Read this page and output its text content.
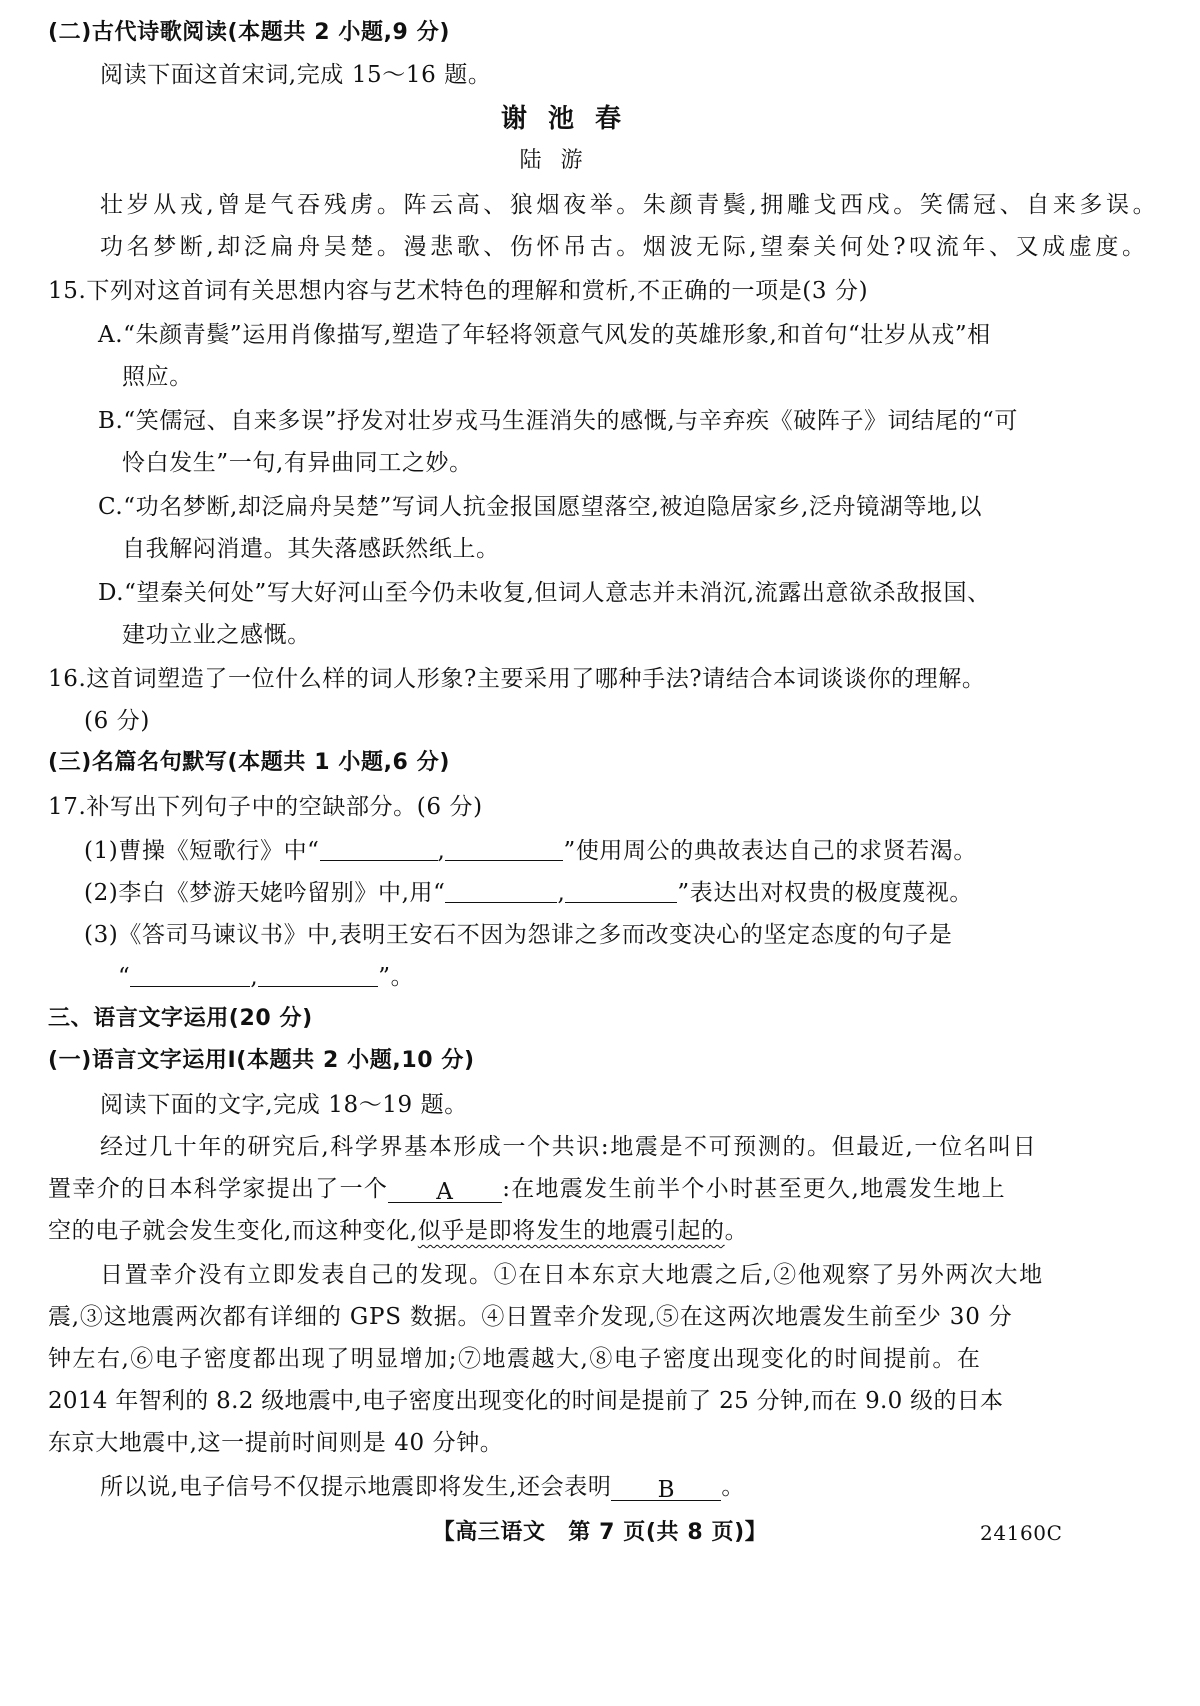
(二)古代诗歌阅读(本题共 2 小题,9 分)
阅读下面这首宋词,完成 15～16 题。
谢 池 春
陆 游
壮岁从戎,曾是气吞残虏。阵云高、狼烟夜举。朱颜青鬓,拥雕戈西戍。笑儒冠、自来多误。
功名梦断,却泛扁舟吴楚。漫悲歌、伤怀吊古。烟波无际,望秦关何处?叹流年、又成虚度。
15.下列对这首词有关思想内容与艺术特色的理解和赏析,不正确的一项是(3 分)
A.“朱颜青鬓”运用肖像描写,塑造了年轻将领意气风发的英雄形象,和首句“壮岁从戎”相
照应。
B.“笑儒冠、自来多误”抒发对壮岁戎马生涯消失的感慨,与辛弃疾《破阵子》词结尾的“可
怜白发生”一句,有异曲同工之妙。
C.“功名梦断,却泛扁舟吴楚”写词人抗金报国愿望落空,被迫隐居家乡,泛舟镜湖等地,以
自我解闷消遣。其失落感跃然纸上。
D.“望秦关何处”写大好河山至今仍未收复,但词人意志并未消沉,流露出意欲杀敌报国、
建功立业之感慨。
16.这首词塑造了一位什么样的词人形象?主要采用了哪种手法?请结合本词谈谈你的理解。
(6 分)
(三)名篇名句默写(本题共 1 小题,6 分)
17.补写出下列句子中的空缺部分。(6 分)
(1)曹操《短歌行》中“	,	”使用周公的典故表达自己的求贤若渴。
(2)李白《梦游天姥吟留别》中,用“	,	”表达出对权贵的极度蔑视。
(3)《答司马谏议书》中,表明王安石不因为怨诽之多而改变决心的坚定态度的句子是
“	,	”。
三、语言文字运用(20 分)
(一)语言文字运用Ⅰ(本题共 2 小题,10 分)
阅读下面的文字,完成 18～19 题。
经过几十年的研究后,科学界基本形成一个共识:地震是不可预测的。但最近,一位名叫日
置幸介的日本科学家提出了一个 A :在地震发生前半个小时甚至更久,地震发生地上
空的电子就会发生变化,而这种变化,似乎是即将发生的地震引起的。
日置幸介没有立即发表自己的发现。①在日本东京大地震之后,②他观察了另外两次大地
震,③这地震两次都有详细的 GPS 数据。④日置幸介发现,⑤在这两次地震发生前至少 30 分
钟左右,⑥电子密度都出现了明显增加;⑦地震越大,⑧电子密度出现变化的时间提前。在
2014 年智利的 8.2 级地震中,电子密度出现变化的时间是提前了 25 分钟,而在 9.0 级的日本
东京大地震中,这一提前时间则是 40 分钟。
所以说,电子信号不仅提示地震即将发生,还会表明 B 。
【高三语文　第 7 页(共 8 页)】	24160C
